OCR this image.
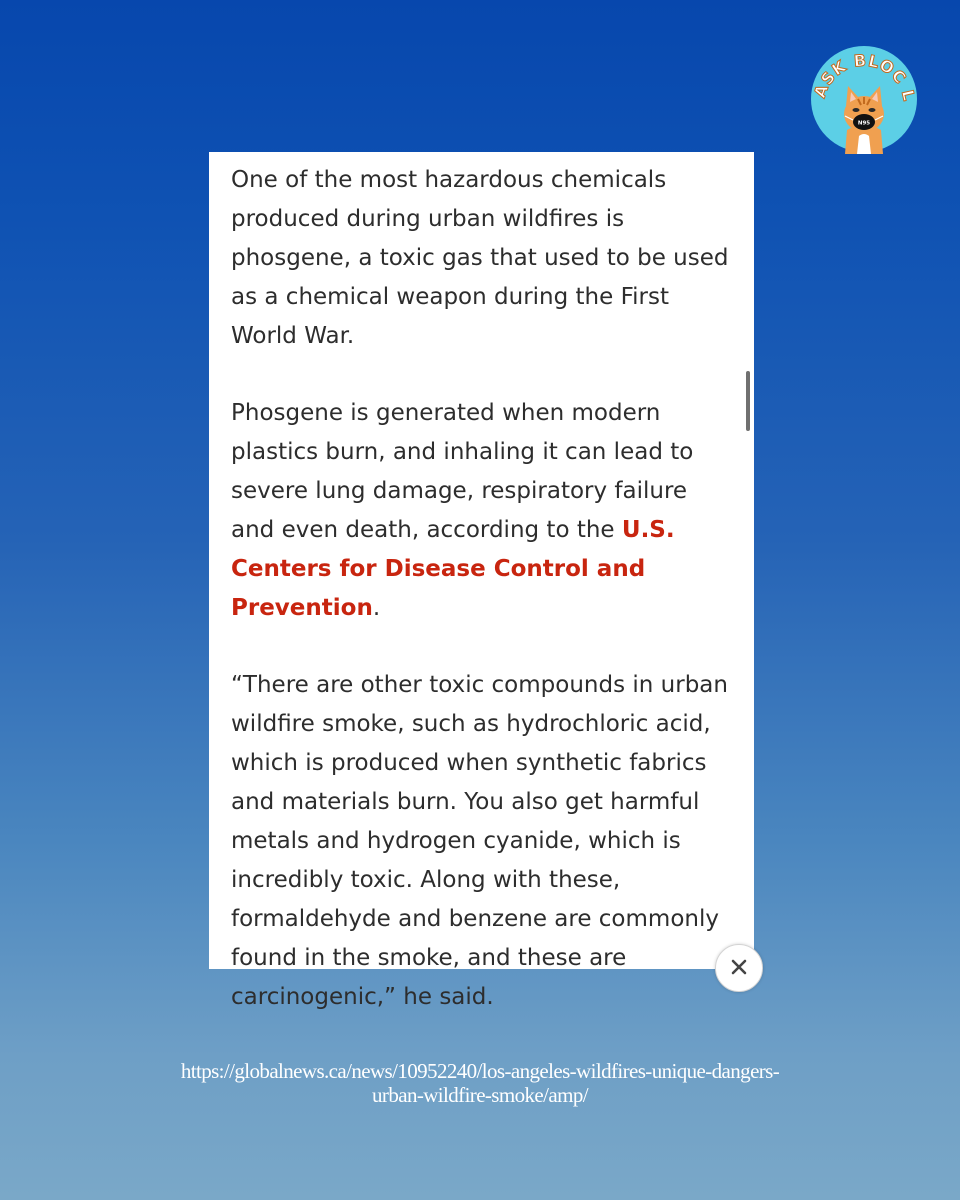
N95
ASK BLOC L

One of the most hazardous chemicals produced during urban wildfires is phosgene, a toxic gas that used to be used as a chemical weapon during the First World War.

Phosgene is generated when modern plastics burn, and inhaling it can lead to severe lung damage, respiratory failure and even death, according to the U.S. Centers for Disease Control and Prevention.

“There are other toxic compounds in urban wildfire smoke, such as hydrochloric acid, which is produced when synthetic fabrics and materials burn. You also get harmful metals and hydrogen cyanide, which is incredibly toxic. Along with these, formaldehyde and benzene are commonly found in the smoke, and these are carcinogenic,” he said.

https://globalnews.ca/news/10952240/los-angeles-wildfires-unique-dangers-
urban-wildfire-smoke/amp/
